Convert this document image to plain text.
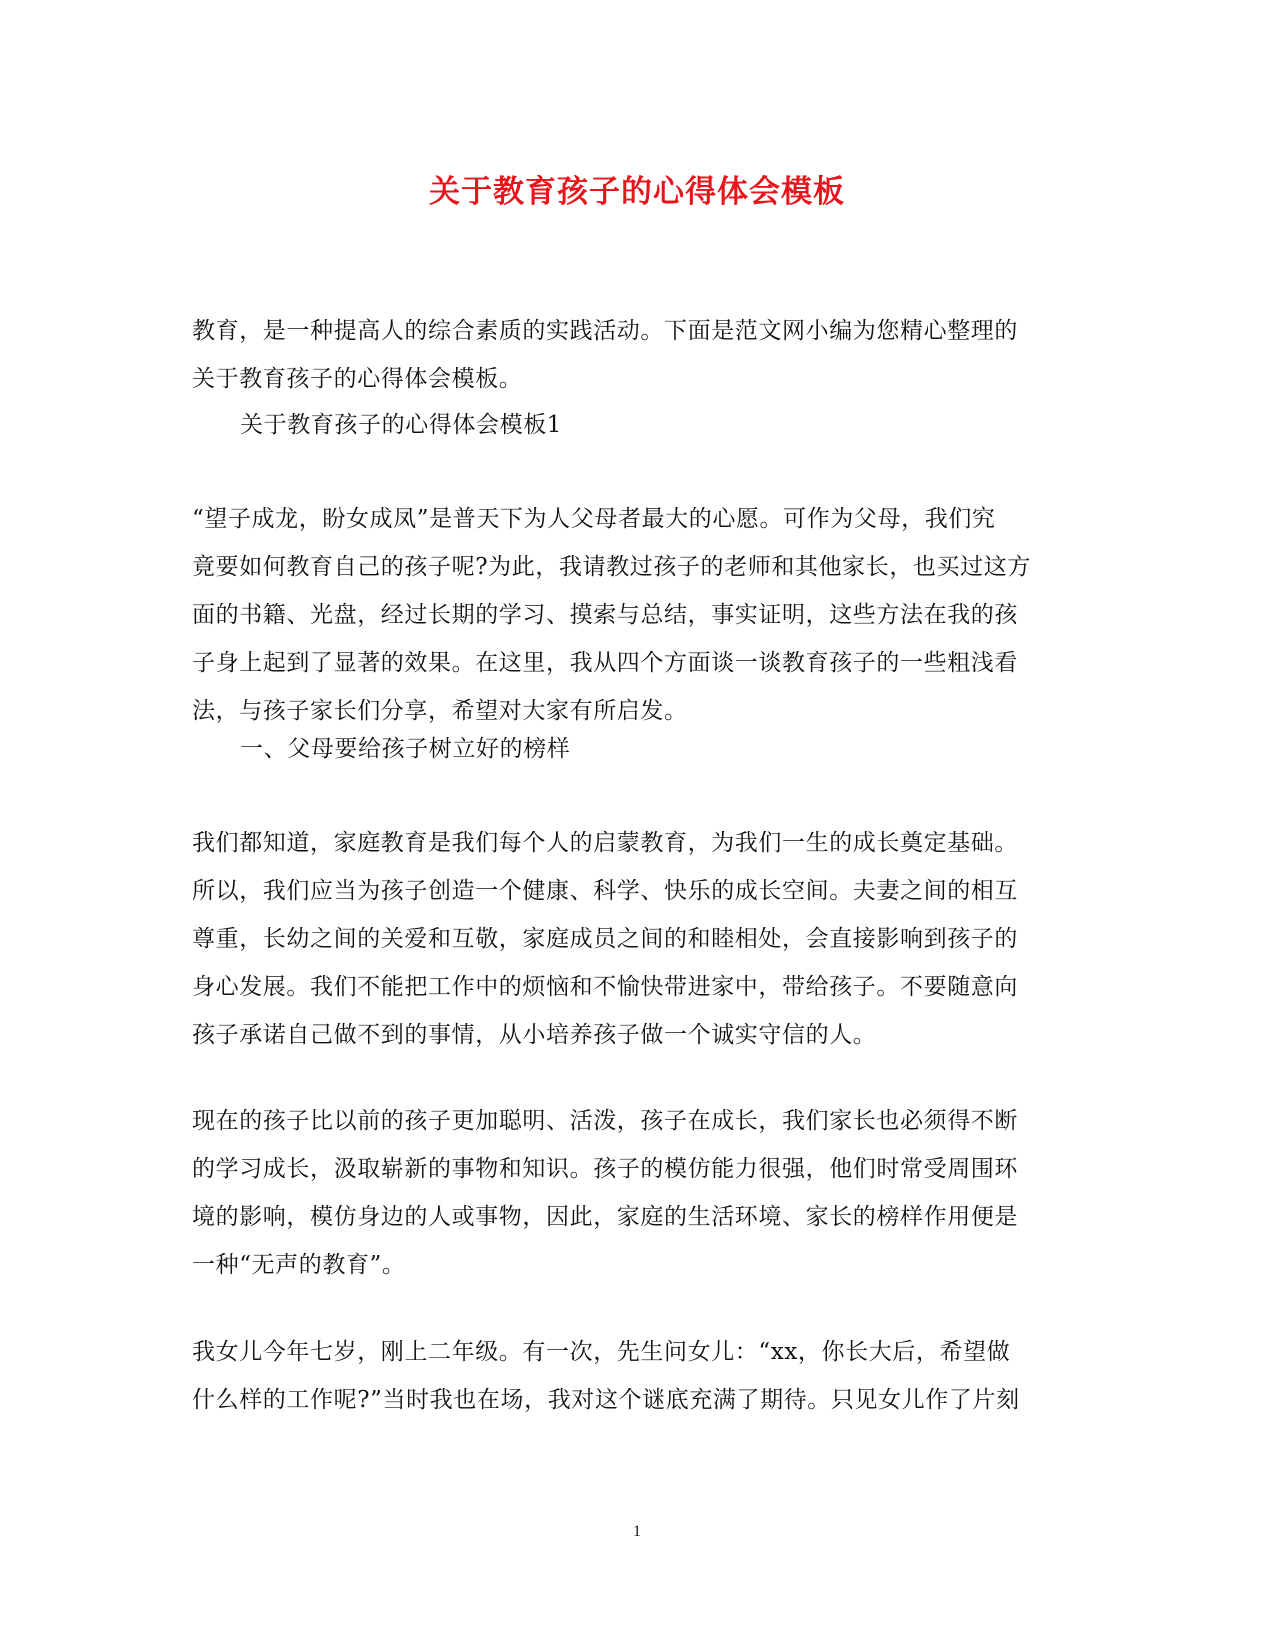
关于教育孩子的心得体会模板
教育，是一种提高人的综合素质的实践活动。下面是范文网小编为您精心整理的
关于教育孩子的心得体会模板。
关于教育孩子的心得体会模板1
“望子成龙，盼女成凤”是普天下为人父母者最大的心愿。可作为父母，我们究
竟要如何教育自己的孩子呢?为此，我请教过孩子的老师和其他家长，也买过这方
面的书籍、光盘，经过长期的学习、摸索与总结，事实证明，这些方法在我的孩
子身上起到了显著的效果。在这里，我从四个方面谈一谈教育孩子的一些粗浅看
法，与孩子家长们分享，希望对大家有所启发。
一、父母要给孩子树立好的榜样
我们都知道，家庭教育是我们每个人的启蒙教育，为我们一生的成长奠定基础。
所以，我们应当为孩子创造一个健康、科学、快乐的成长空间。夫妻之间的相互
尊重，长幼之间的关爱和互敬，家庭成员之间的和睦相处，会直接影响到孩子的
身心发展。我们不能把工作中的烦恼和不愉快带进家中，带给孩子。不要随意向
孩子承诺自己做不到的事情，从小培养孩子做一个诚实守信的人。
现在的孩子比以前的孩子更加聪明、活泼，孩子在成长，我们家长也必须得不断
的学习成长，汲取崭新的事物和知识。孩子的模仿能力很强，他们时常受周围环
境的影响，模仿身边的人或事物，因此，家庭的生活环境、家长的榜样作用便是
一种“无声的教育”。
我女儿今年七岁，刚上二年级。有一次，先生问女儿：“xx，你长大后，希望做
什么样的工作呢?”当时我也在场，我对这个谜底充满了期待。只见女儿作了片刻
1
